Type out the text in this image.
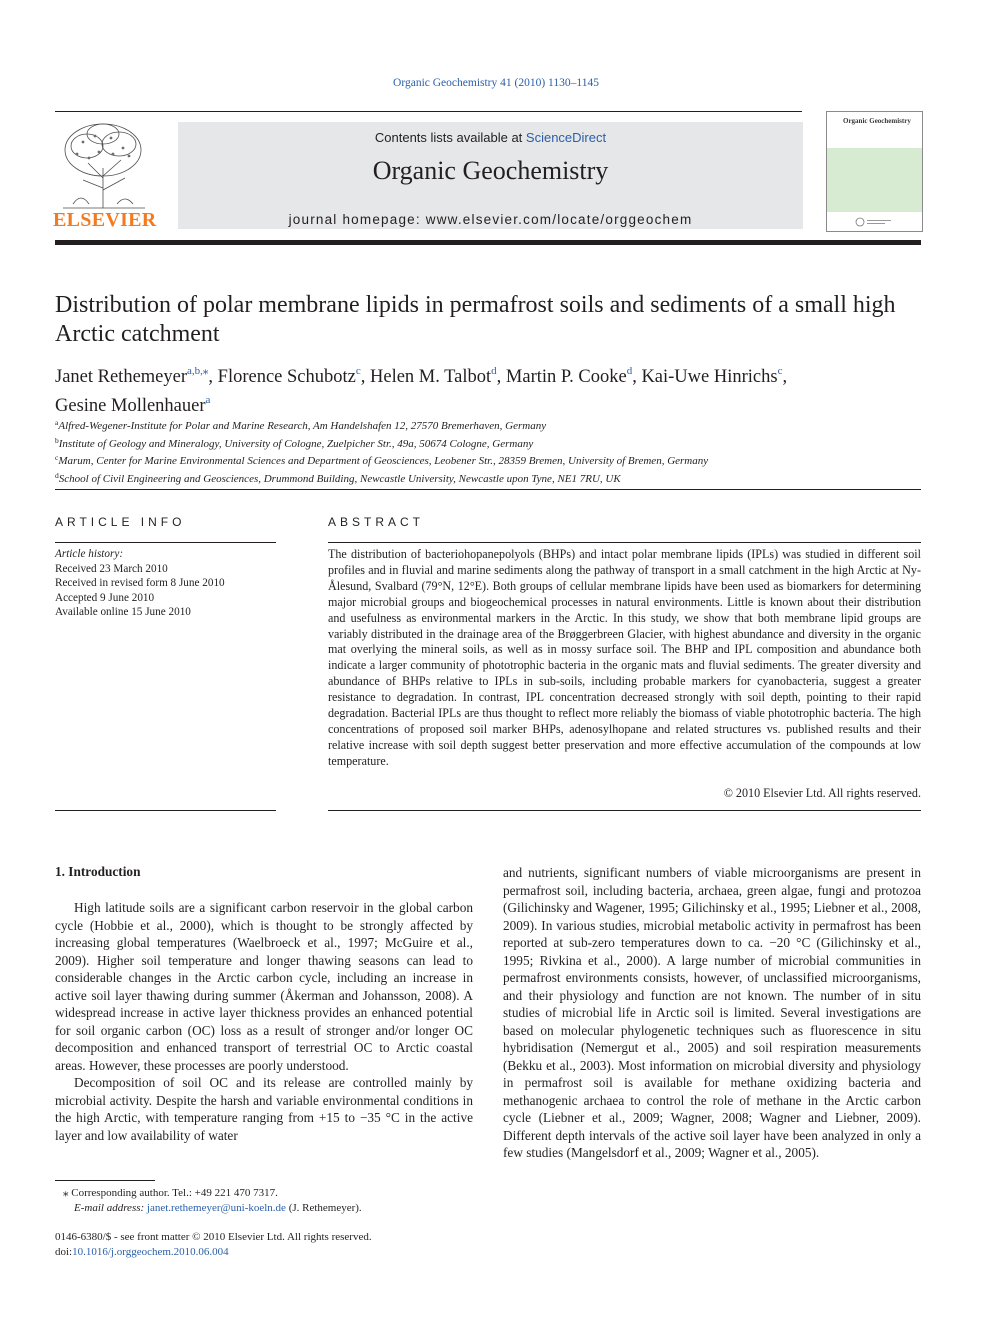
Organic Geochemistry 41 (2010) 1130–1145
ELSEVIER
Contents lists available at ScienceDirect
Organic Geochemistry
journal homepage: www.elsevier.com/locate/orggeochem
Organic Geochemistry
Distribution of polar membrane lipids in permafrost soils and sediments of a small high Arctic catchment
Janet Rethemeyer$^{a,b,⁎}$, Florence Schubotz$^c$, Helen M. Talbot$^d$, Martin P. Cooke$^d$, Kai-Uwe Hinrichs$^c$,
Gesine Mollenhauer$^a$
$^a$Alfred-Wegener-Institute for Polar and Marine Research, Am Handelshafen 12, 27570 Bremerhaven, Germany
$^b$Institute of Geology and Mineralogy, University of Cologne, Zuelpicher Str., 49a, 50674 Cologne, Germany
$^c$Marum, Center for Marine Environmental Sciences and Department of Geosciences, Leobener Str., 28359 Bremen, University of Bremen, Germany
$^d$School of Civil Engineering and Geosciences, Drummond Building, Newcastle University, Newcastle upon Tyne, NE1 7RU, UK
ARTICLE INFO
Article history:
Received 23 March 2010
Received in revised form 8 June 2010
Accepted 9 June 2010
Available online 15 June 2010
ABSTRACT
The distribution of bacteriohopanepolyols (BHPs) and intact polar membrane lipids (IPLs) was studied in different soil profiles and in fluvial and marine sediments along the pathway of transport in a small catchment in the high Arctic at Ny-Ålesund, Svalbard (79°N, 12°E). Both groups of cellular membrane lipids have been used as biomarkers for determining major microbial groups and biogeochemical processes in natural environments. Little is known about their distribution and usefulness as environmental markers in the Arctic. In this study, we show that both membrane lipid groups are variably distributed in the drainage area of the Brøggerbreen Glacier, with highest abundance and diversity in the organic mat overlying the mineral soils, as well as in mossy surface soil. The BHP and IPL composition and abundance both indicate a larger community of phototrophic bacteria in the organic mats and fluvial sediments. The greater diversity and abundance of BHPs relative to IPLs in sub-soils, including probable markers for cyanobacteria, suggest a greater resistance to degradation. In contrast, IPL concentration decreased strongly with soil depth, pointing to their rapid degradation. Bacterial IPLs are thus thought to reflect more reliably the biomass of viable phototrophic bacteria. The high concentrations of proposed soil marker BHPs, adenosylhopane and related structures vs. published results and their relative increase with soil depth suggest better preservation and more effective accumulation of the compounds at low temperature.
© 2010 Elsevier Ltd. All rights reserved.
1. Introduction

High latitude soils are a significant carbon reservoir in the global carbon cycle (Hobbie et al., 2000), which is thought to be strongly affected by increasing global temperatures (Waelbroeck et al., 1997; McGuire et al., 2009). Higher soil temperature and longer thawing seasons can lead to considerable changes in the Arctic carbon cycle, including an increase in active soil layer thawing during summer (Åkerman and Johansson, 2008). A widespread increase in active layer thickness provides an enhanced potential for soil organic carbon (OC) loss as a result of stronger and/or longer OC decomposition and enhanced transport of terrestrial OC to Arctic coastal areas. However, these processes are poorly understood.

Decomposition of soil OC and its release are controlled mainly by microbial activity. Despite the harsh and variable environmental conditions in the high Arctic, with temperature ranging from +15 to −35 °C in the active layer and low availability of water

and nutrients, significant numbers of viable microorganisms are present in permafrost soil, including bacteria, archaea, green algae, fungi and protozoa (Gilichinsky and Wagener, 1995; Gilichinsky et al., 1995; Liebner et al., 2008, 2009). In various studies, microbial metabolic activity in permafrost has been reported at sub-zero temperatures down to ca. −20 °C (Gilichinsky et al., 1995; Rivkina et al., 2000). A large number of microbial communities in permafrost environments consists, however, of unclassified microorganisms, and their physiology and function are not known. The number of in situ studies of microbial life in Arctic soil is limited. Several investigations are based on molecular phylogenetic techniques such as fluorescence in situ hybridisation (Nemergut et al., 2005) and soil respiration measurements (Bekku et al., 2003). Most information on microbial diversity and physiology in permafrost soil is available for methane oxidizing bacteria and methanogenic archaea to control the role of methane in the Arctic carbon cycle (Liebner et al., 2009; Wagner, 2008; Wagner and Liebner, 2009). Different depth intervals of the active soil layer have been analyzed in only a few studies (Mangelsdorf et al., 2009; Wagner et al., 2005).

⁎ Corresponding author. Tel.: +49 221 470 7317.
E-mail address: janet.rethemeyer@uni-koeln.de (J. Rethemeyer).
0146-6380/$ - see front matter © 2010 Elsevier Ltd. All rights reserved.
doi:10.1016/j.orggeochem.2010.06.004
